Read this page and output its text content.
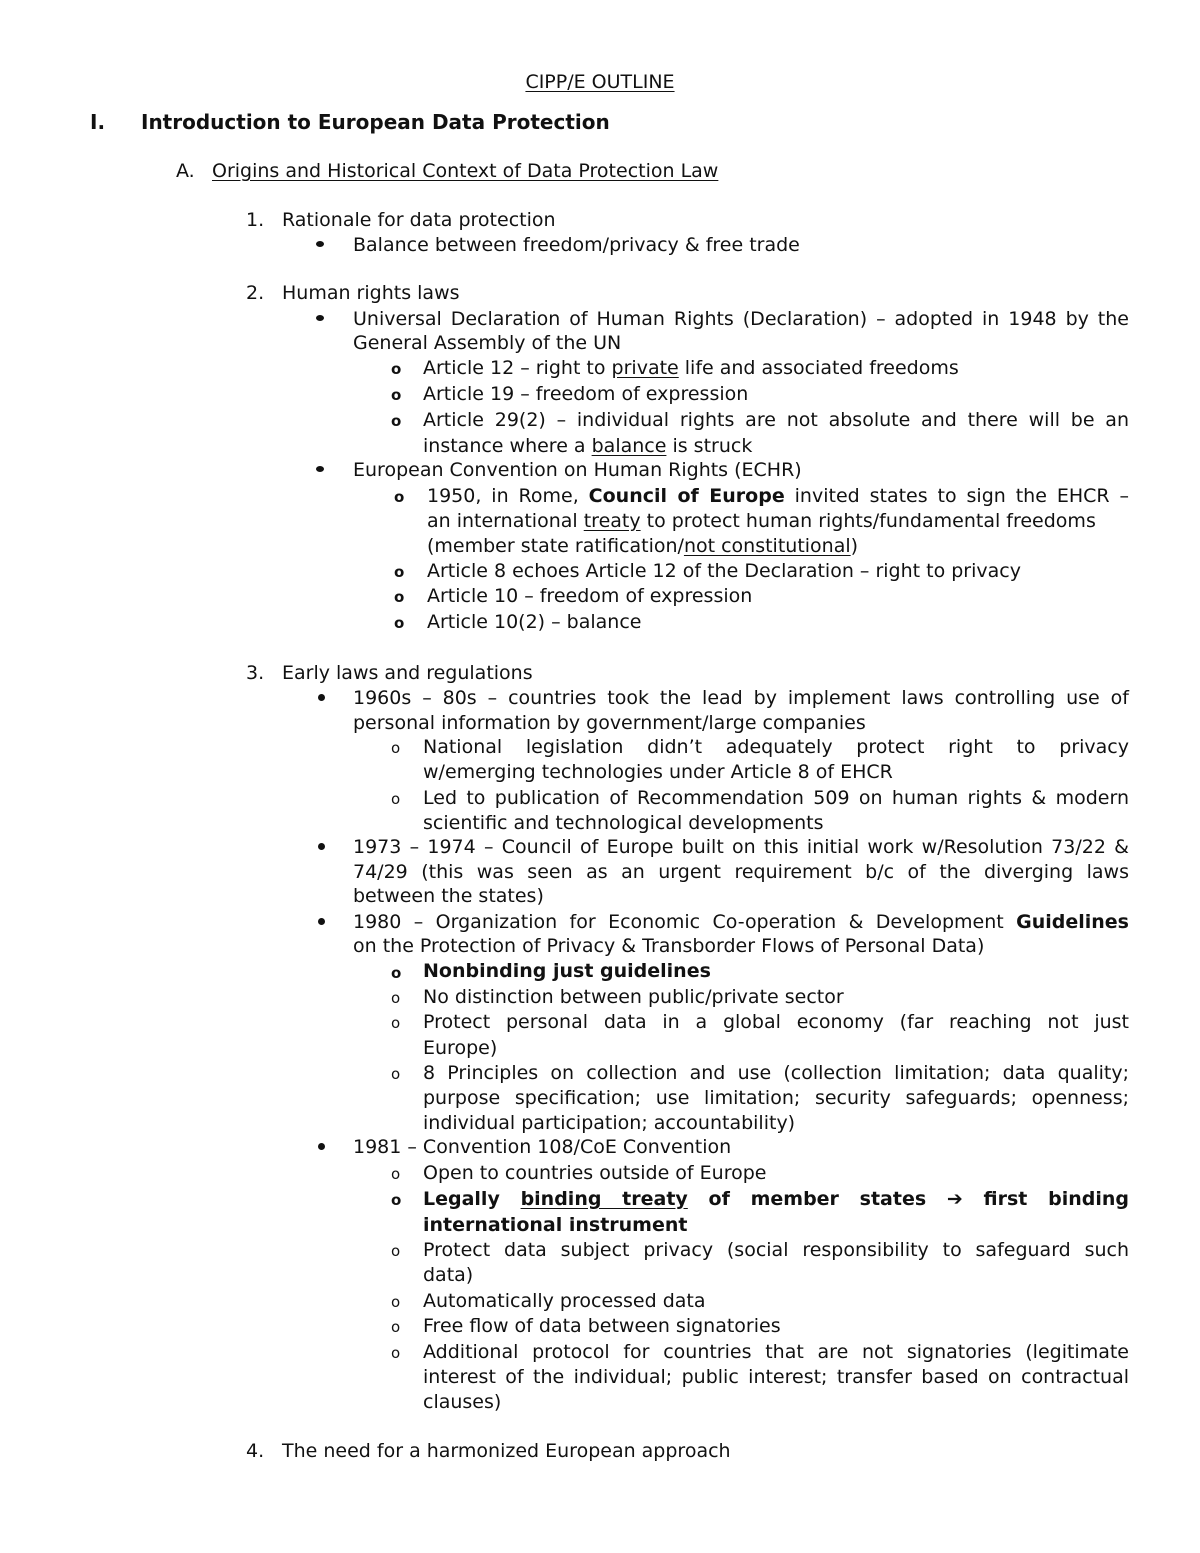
CIPP/E OUTLINE
I. Introduction to European Data Protection
A. Origins and Historical Context of Data Protection Law
1. Rationale for data protection
Balance between freedom/privacy & free trade
2. Human rights laws
Universal Declaration of Human Rights (Declaration) – adopted in 1948 by the
General Assembly of the UN
o Article 12 – right to private life and associated freedoms
o Article 19 – freedom of expression
o Article 29(2) – individual rights are not absolute and there will be an
instance where a balance is struck
European Convention on Human Rights (ECHR)
o 1950, in Rome, Council of Europe invited states to sign the EHCR –
an international treaty to protect human rights/fundamental freedoms
(member state ratification/not constitutional)
o Article 8 echoes Article 12 of the Declaration – right to privacy
o Article 10 – freedom of expression
o Article 10(2) – balance
3. Early laws and regulations
1960s – 80s – countries took the lead by implement laws controlling use of
personal information by government/large companies
o National legislation didn’t adequately protect right to privacy
w/emerging technologies under Article 8 of EHCR
o Led to publication of Recommendation 509 on human rights & modern
scientific and technological developments
1973 – 1974 – Council of Europe built on this initial work w/Resolution 73/22 &
74/29 (this was seen as an urgent requirement b/c of the diverging laws
between the states)
1980 – Organization for Economic Co-operation & Development Guidelines
on the Protection of Privacy & Transborder Flows of Personal Data)
o Nonbinding just guidelines
o No distinction between public/private sector
o Protect personal data in a global economy (far reaching not just
Europe)
o 8 Principles on collection and use (collection limitation; data quality;
purpose specification; use limitation; security safeguards; openness;
individual participation; accountability)
1981 – Convention 108/CoE Convention
o Open to countries outside of Europe
o Legally binding treaty of member states ➔ first binding
international instrument
o Protect data subject privacy (social responsibility to safeguard such
data)
o Automatically processed data
o Free flow of data between signatories
o Additional protocol for countries that are not signatories (legitimate
interest of the individual; public interest; transfer based on contractual
clauses)
4. The need for a harmonized European approach
